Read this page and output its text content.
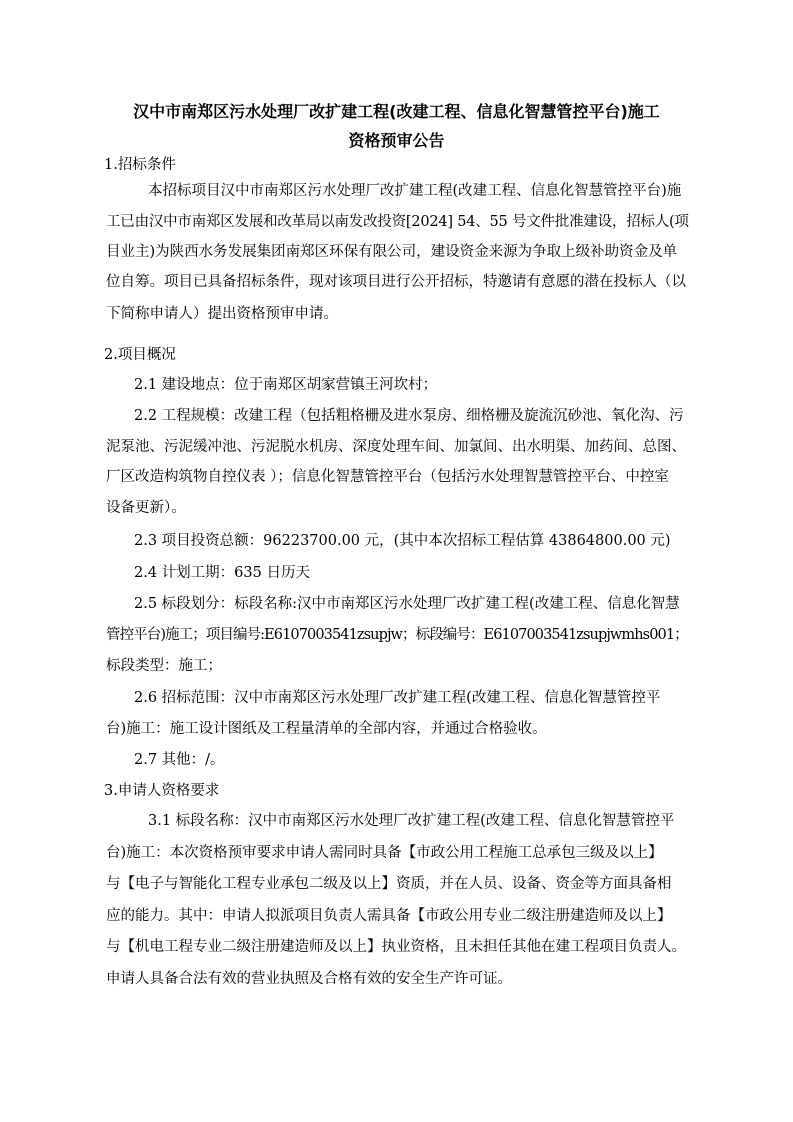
汉中市南郑区污水处理厂改扩建工程(改建工程、信息化智慧管控平台)施工
资格预审公告
1.招标条件
本招标项目汉中市南郑区污水处理厂改扩建工程(改建工程、信息化智慧管控平台)施
工已由汉中市南郑区发展和改革局以南发改投资[2024] 54、55 号文件批准建设，招标人(项
目业主)为陕西水务发展集团南郑区环保有限公司，建设资金来源为争取上级补助资金及单
位自筹。项目已具备招标条件，现对该项目进行公开招标，特邀请有意愿的潜在投标人（以
下简称申请人）提出资格预审申请。
2.项目概况
2.1 建设地点：位于南郑区胡家营镇王河坎村；
2.2 工程规模：改建工程（包括粗格栅及进水泵房、细格栅及旋流沉砂池、氧化沟、污
泥泵池、污泥缓冲池、污泥脱水机房、深度处理车间、加氯间、出水明渠、加药间、总图、
厂区改造构筑物自控仪表 ）；信息化智慧管控平台（包括污水处理智慧管控平台、中控室
设备更新）。
2.3 项目投资总额：96223700.00 元，(其中本次招标工程估算 43864800.00 元)
2.4 计划工期：635 日历天
2.5 标段划分：标段名称:汉中市南郑区污水处理厂改扩建工程(改建工程、信息化智慧
管控平台)施工；项目编号:E6107003541zsupjw；标段编号：E6107003541zsupjwmhs001；
标段类型：施工；
2.6 招标范围：汉中市南郑区污水处理厂改扩建工程(改建工程、信息化智慧管控平
台)施工：施工设计图纸及工程量清单的全部内容，并通过合格验收。
2.7 其他：/。
3.申请人资格要求
3.1 标段名称：汉中市南郑区污水处理厂改扩建工程(改建工程、信息化智慧管控平
台)施工：本次资格预审要求申请人需同时具备【市政公用工程施工总承包三级及以上】
与【电子与智能化工程专业承包二级及以上】资质，并在人员、设备、资金等方面具备相
应的能力。其中：申请人拟派项目负责人需具备【市政公用专业二级注册建造师及以上】
与【机电工程专业二级注册建造师及以上】执业资格，且未担任其他在建工程项目负责人。
申请人具备合法有效的营业执照及合格有效的安全生产许可证。
